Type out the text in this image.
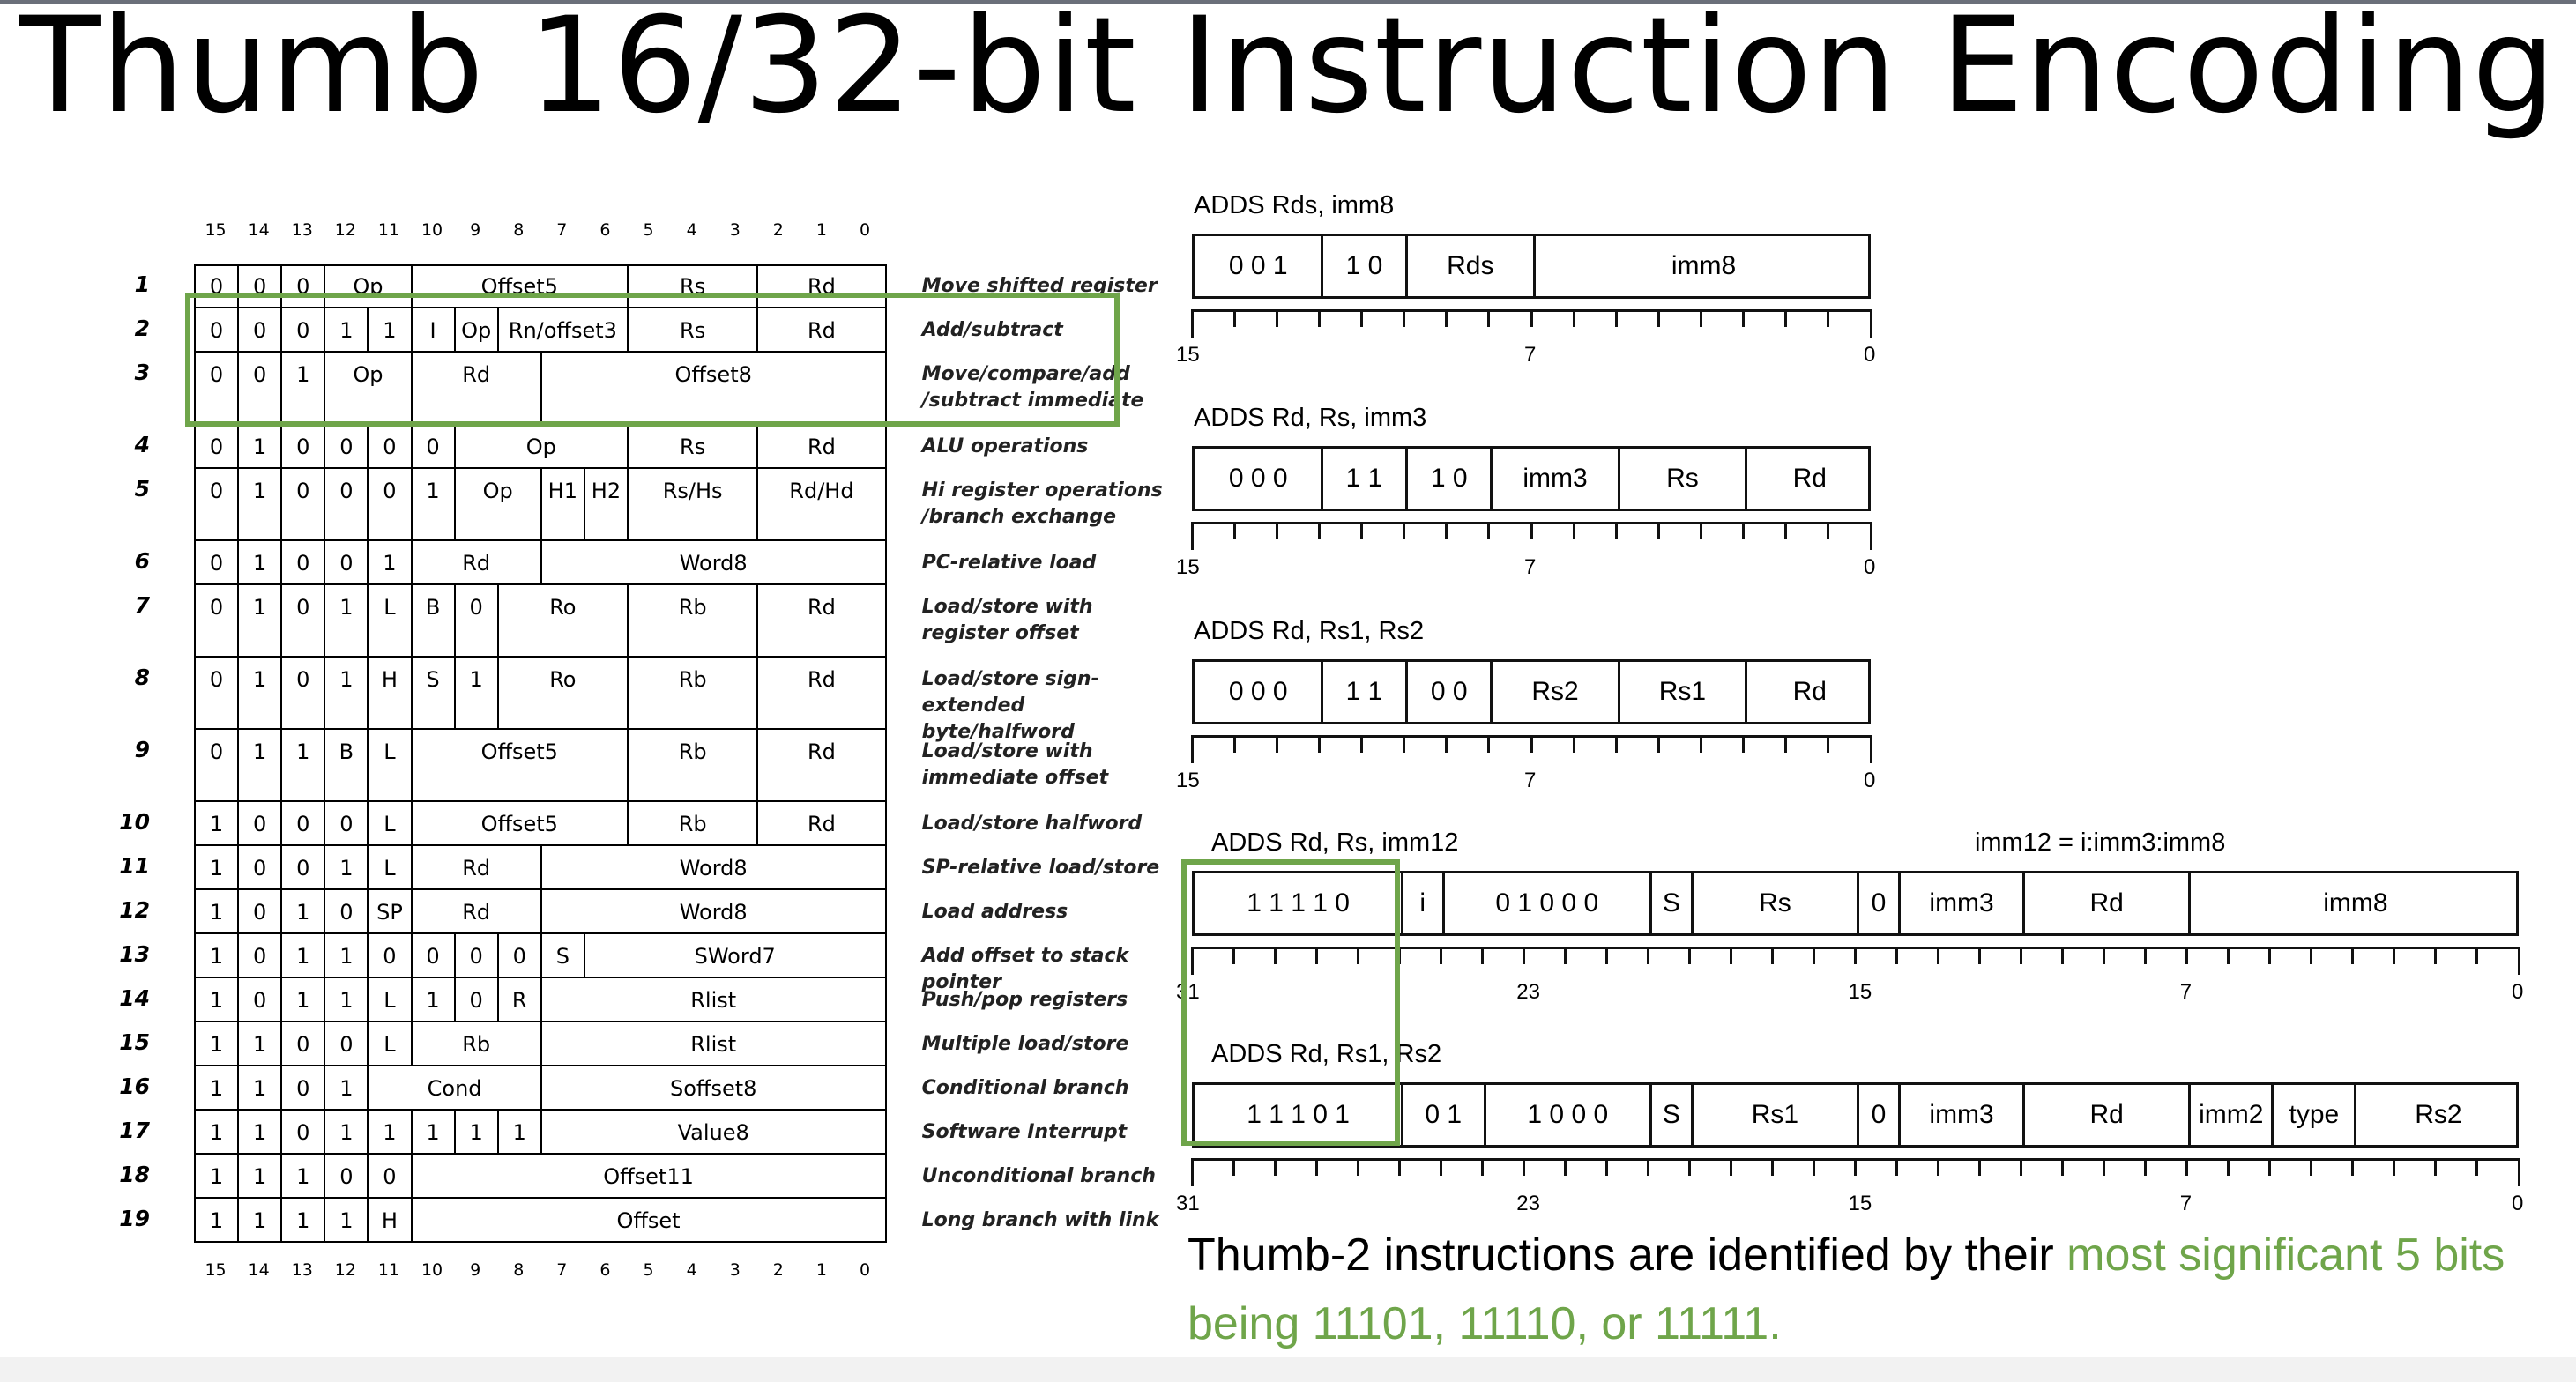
Thumb 16/32-bit Instruction Encoding
15 14 13 12 11 10	9	8	7	6	5	4	3	2	1	0
1	0	0	0	Op	Offset5	Rs	Rd	Move shifted register
2	0	0	0	1	1	I	Op Rn/offset3	Rs	Rd	Add/subtract
3	0	0	1	Op	Rd	Offset8	Move/compare/add /subtract immediate
4	0	1	0	0	0	0	Op	Rs	Rd	ALU operations
5	0	1	0	0	0	1	Op	H1 H2	Rs/Hs	Rd/Hd	Hi register operations /branch exchange
6	0	1	0	0	1	Rd	Word8	PC-relative load
7	0	1	0	1	L	B	0	Ro	Rb	Rd	Load/store with register offset
8	0	1	0	1	H	S	1	Ro	Rb	Rd	Load/store sign-extended byte/halfword
9	0	1	1	B	L	Offset5	Rb	Rd	Load/store with immediate offset
10	1	0	0	0	L	Offset5	Rb	Rd	Load/store halfword
11	1	0	0	1	L	Rd	Word8	SP-relative load/store
12	1	0	1	0	SP	Rd	Word8	Load address
13	1	0	1	1	0	0	0	0	S	SWord7	Add offset to stack pointer
14	1	0	1	1	L	1	0	R	Rlist	Push/pop registers
15	1	1	0	0	L	Rb	Rlist	Multiple load/store
16	1	1	0	1	Cond	Soffset8	Conditional branch
17	1	1	0	1	1	1	1	1	Value8	Software Interrupt
18	1	1	1	0	0	Offset11	Unconditional branch
19	1	1	1	1	H	Offset	Long branch with link
15 14 13 12 11 10	9	8	7	6	5	4	3	2	1	0
ADDS Rds, imm8
0 0 1	1 0	Rds	imm8
15	7	0
ADDS Rd, Rs, imm3
0 0 0	1 1	1 0	imm3	Rs	Rd
15	7	0
ADDS Rd, Rs1, Rs2
0 0 0	1 1	0 0	Rs2	Rs1	Rd
15	7	0
ADDS Rd, Rs, imm12	imm12 = i:imm3:imm8
1 1 1 1 0	i	0 1 0 0 0	S	Rs	0	imm3	Rd	imm8
31	23	15	7	0
ADDS Rd, Rs1, Rs2
1 1 1 0 1	0 1	1 0 0 0	S	Rs1	0	imm3	Rd	imm2 type	Rs2
31	23	15	7	0
Thumb-2 instructions are identified by their most significant 5 bits being 11101, 11110, or 11111.
